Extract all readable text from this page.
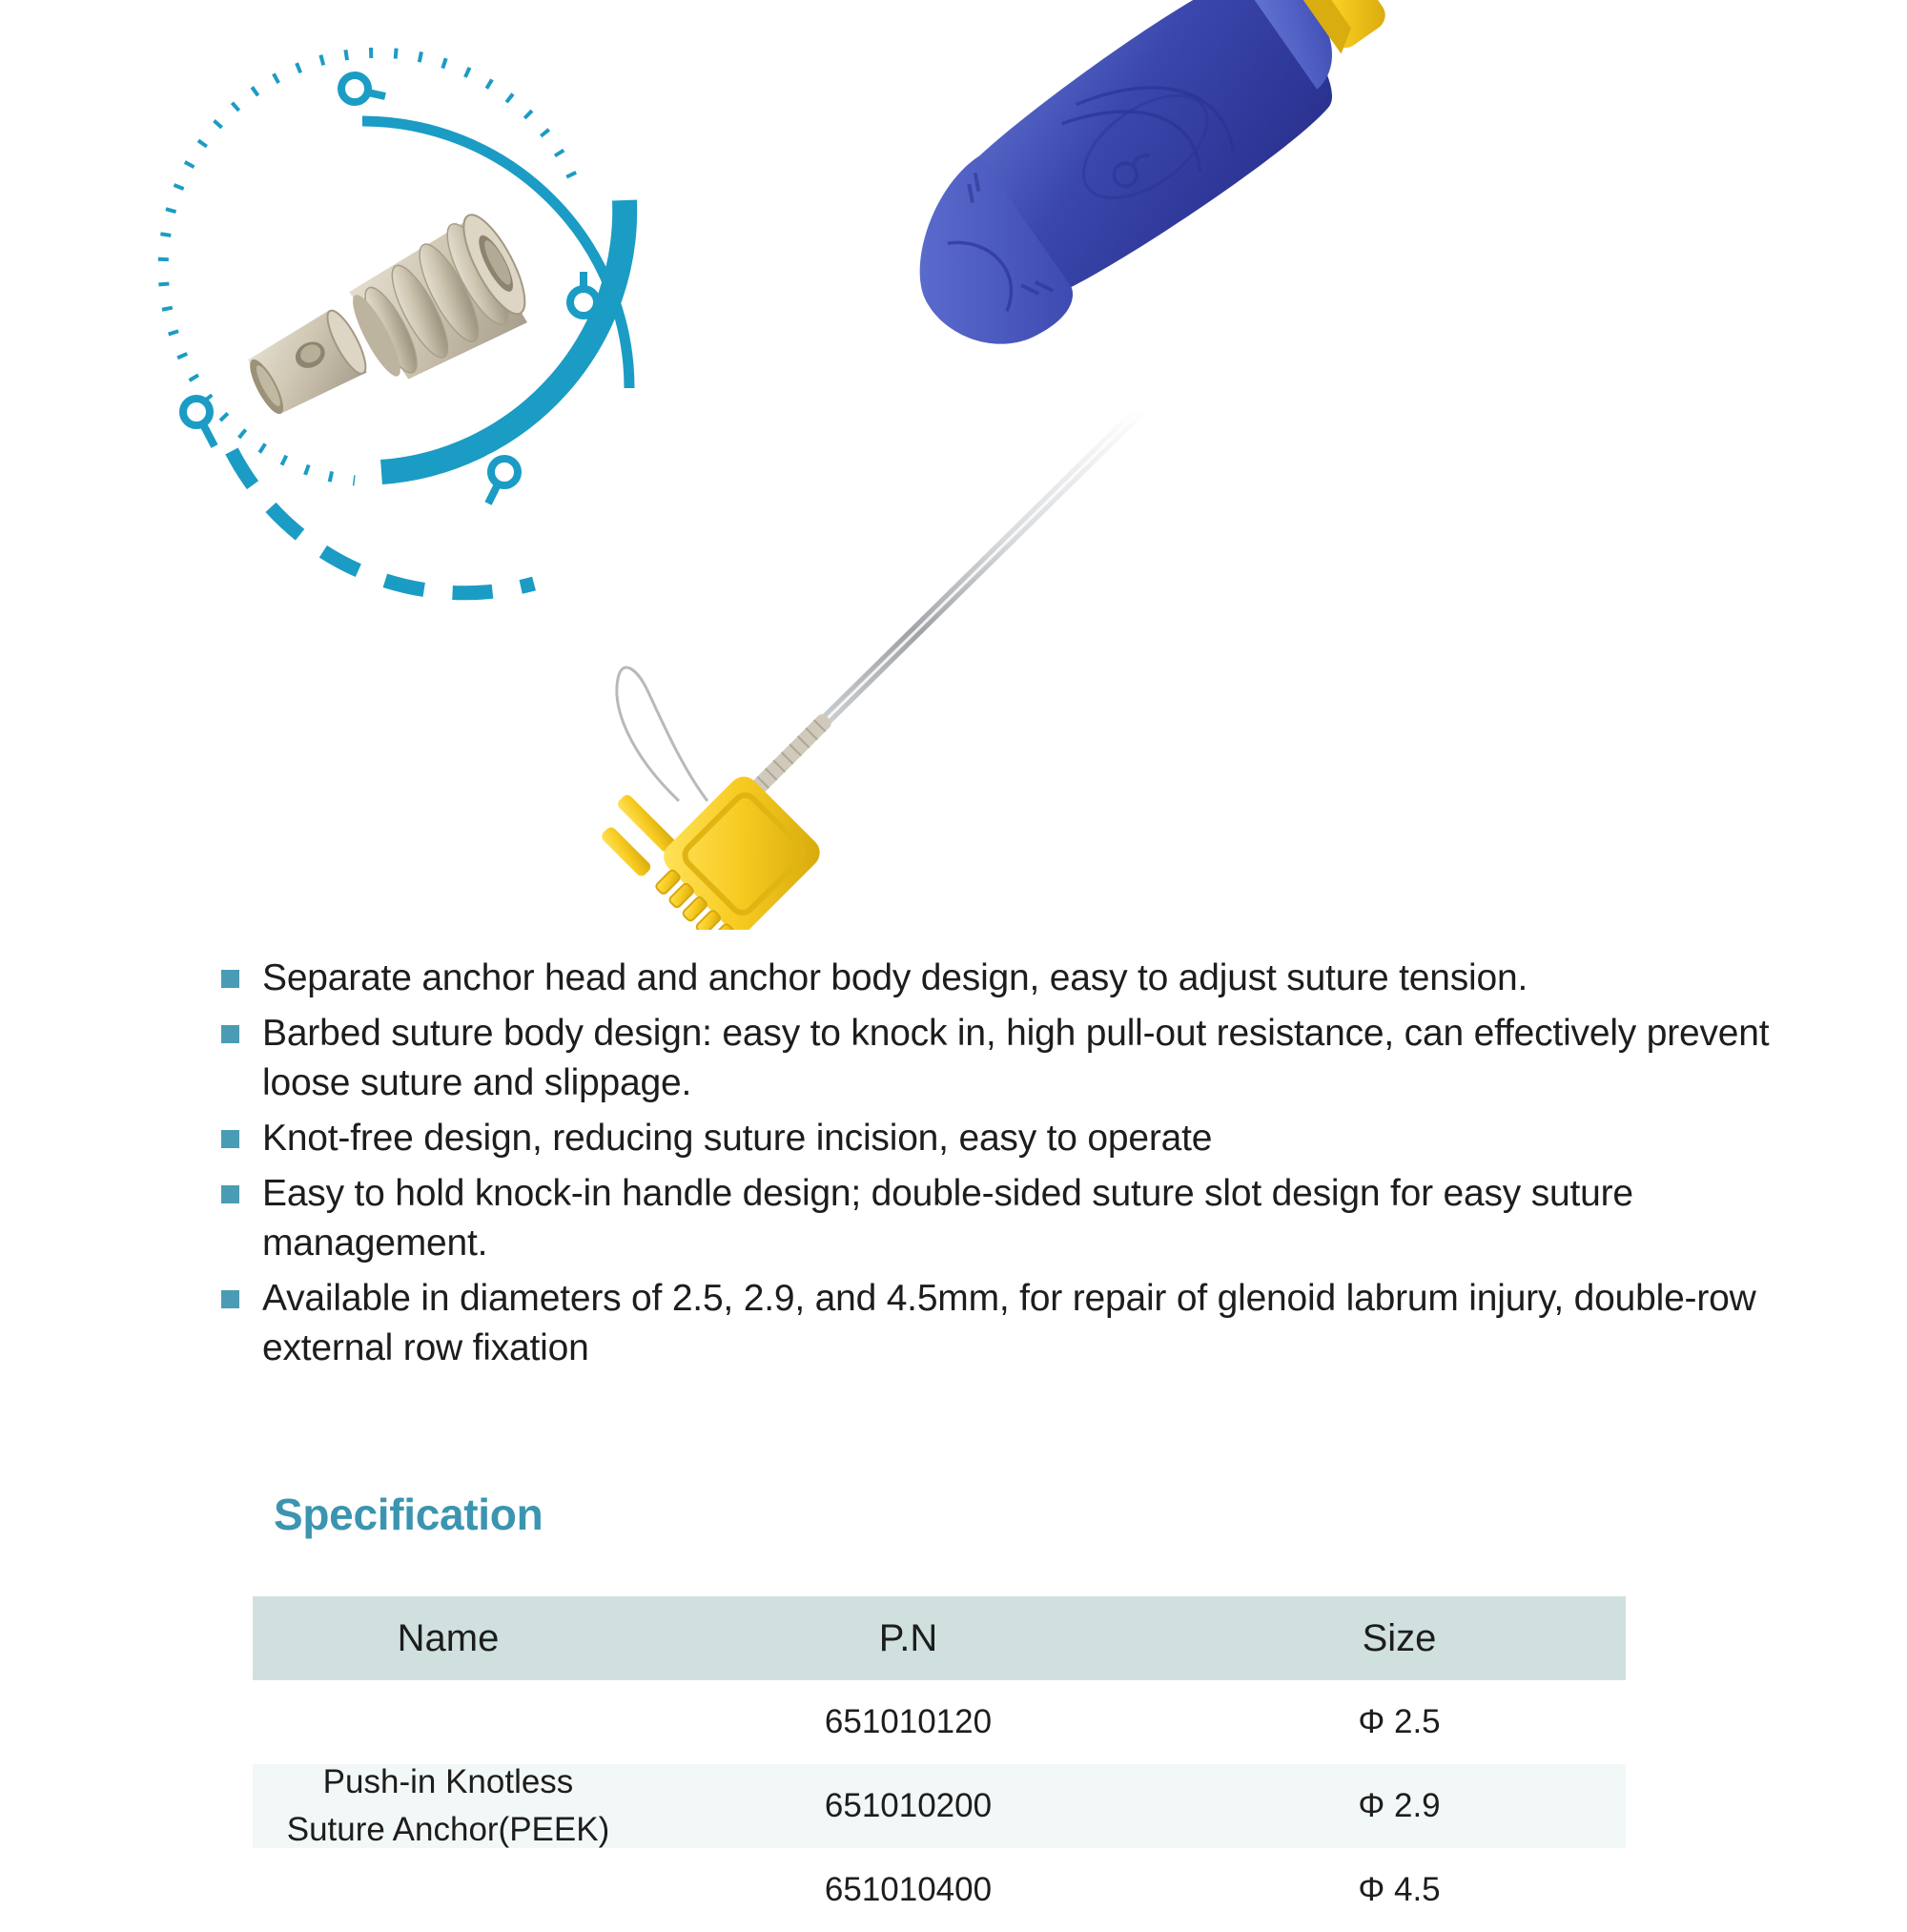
Separate anchor head and anchor body design, easy to adjust suture tension.
Barbed suture body design: easy to knock in, high pull-out resistance, can effectively prevent loose suture and slippage.
Knot-free design, reducing suture incision, easy to operate
Easy to hold knock-in handle design; double-sided suture slot design for easy suture management.
Available in diameters of 2.5, 2.9, and 4.5mm, for repair of glenoid labrum injury, double-row external row fixation
Specification
Name	P.N	Size
Push-in Knotless
Suture Anchor(PEEK)
651010120	Φ 2.5
651010200	Φ 2.9
651010400	Φ 4.5
